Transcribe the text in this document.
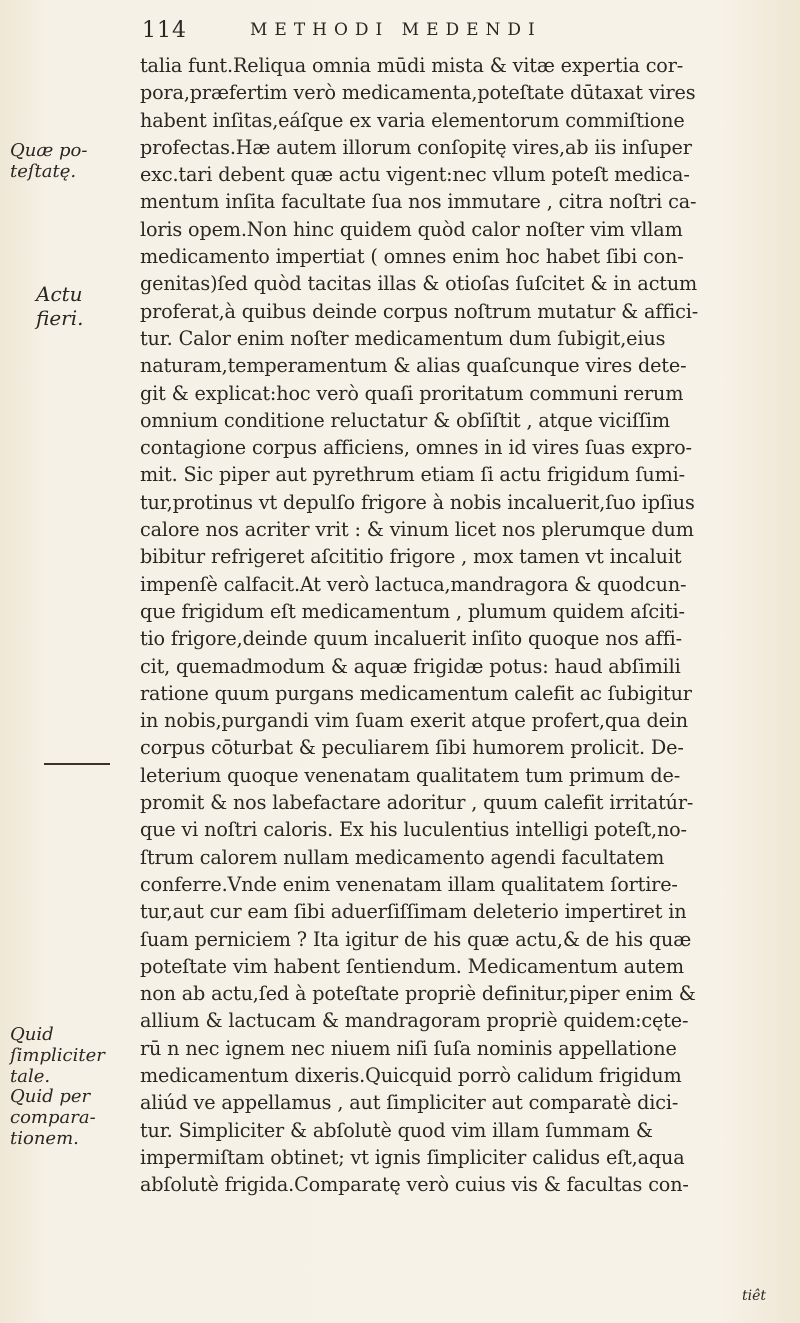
114	METHODI MEDENDI
talia funt.Reliqua omnia mūdi mista & vitæ expertia cor-
pora,præfertim verò medicamenta,poteſtate dūtaxat vires
habent inſitas,eáſque ex varia elementorum commiſtione
profectas.Hæ autem illorum conſopitę vires,ab iis inſuper
exc.tari debent quæ actu vigent:nec vllum poteſt medica-
mentum inſita facultate ſua nos immutare , citra noſtri ca-
loris opem.Non hinc quidem quòd calor noſter vim vllam
medicamento impertiat ( omnes enim hoc habet ſibi con-
genitas)ſed quòd tacitas illas & otioſas ſuſcitet & in actum
proferat,à quibus deinde corpus noſtrum mutatur & affici-
tur. Calor enim noſter medicamentum dum ſubigit,eius
naturam,temperamentum & alias quaſcunque vires dete-
git & explicat:hoc verò quaſi proritatum communi rerum
omnium conditione reluctatur & obſiſtit , atque viciſſim
contagione corpus afficiens, omnes in id vires ſuas expro-
mit. Sic piper aut pyrethrum etiam ſi actu frigidum ſumi-
tur,protinus vt depulſo frigore à nobis incaluerit,ſuo ipſius
calore nos acriter vrit : & vinum licet nos plerumque dum
bibitur refrigeret aſcititio frigore , mox tamen vt incaluit
impenſè calfacit.At verò lactuca,mandragora & quodcun-
que frigidum eſt medicamentum , plumum quidem aſciti-
tio frigore,deinde quum incaluerit inſito quoque nos affi-
cit, quemadmodum & aquæ frigidæ potus: haud abſimili
ratione quum purgans medicamentum calefit ac ſubigitur
in nobis,purgandi vim ſuam exerit atque profert,qua dein
corpus cōturbat & peculiarem ſibi humorem prolicit. De-
leterium quoque venenatam qualitatem tum primum de-
promit & nos labefactare adoritur , quum calefit irritatúr-
que vi noſtri caloris. Ex his luculentius intelligi poteſt,no-
ſtrum calorem nullam medicamento agendi facultatem
conferre.Vnde enim venenatam illam qualitatem ſortire-
tur,aut cur eam ſibi aduerſiſſimam deleterio impertiret in
ſuam perniciem ? Ita igitur de his quæ actu,& de his quæ
poteſtate vim habent ſentiendum. Medicamentum autem
non ab actu,ſed à poteſtate propriè definitur,piper enim &
allium & lactucam & mandragoram propriè quidem:cęte-
rū n nec ignem nec niuem niſi ſuſa nominis appellatione
medicamentum dixeris.Quicquid porrò calidum frigidum
aliúd ve appellamus , aut ſimpliciter aut comparatè dici-
tur. Simpliciter & abſolutè quod vim illam ſummam &
impermiſtam obtinet; vt ignis ſimpliciter calidus eſt,aqua
abſolutè frigida.Comparatę verò cuius vis & facultas con-
Quæ po-teſtatę.
Actu fieri.
Quid ſimpliciter tale.
Quid per compara-tionem.
tiêt
